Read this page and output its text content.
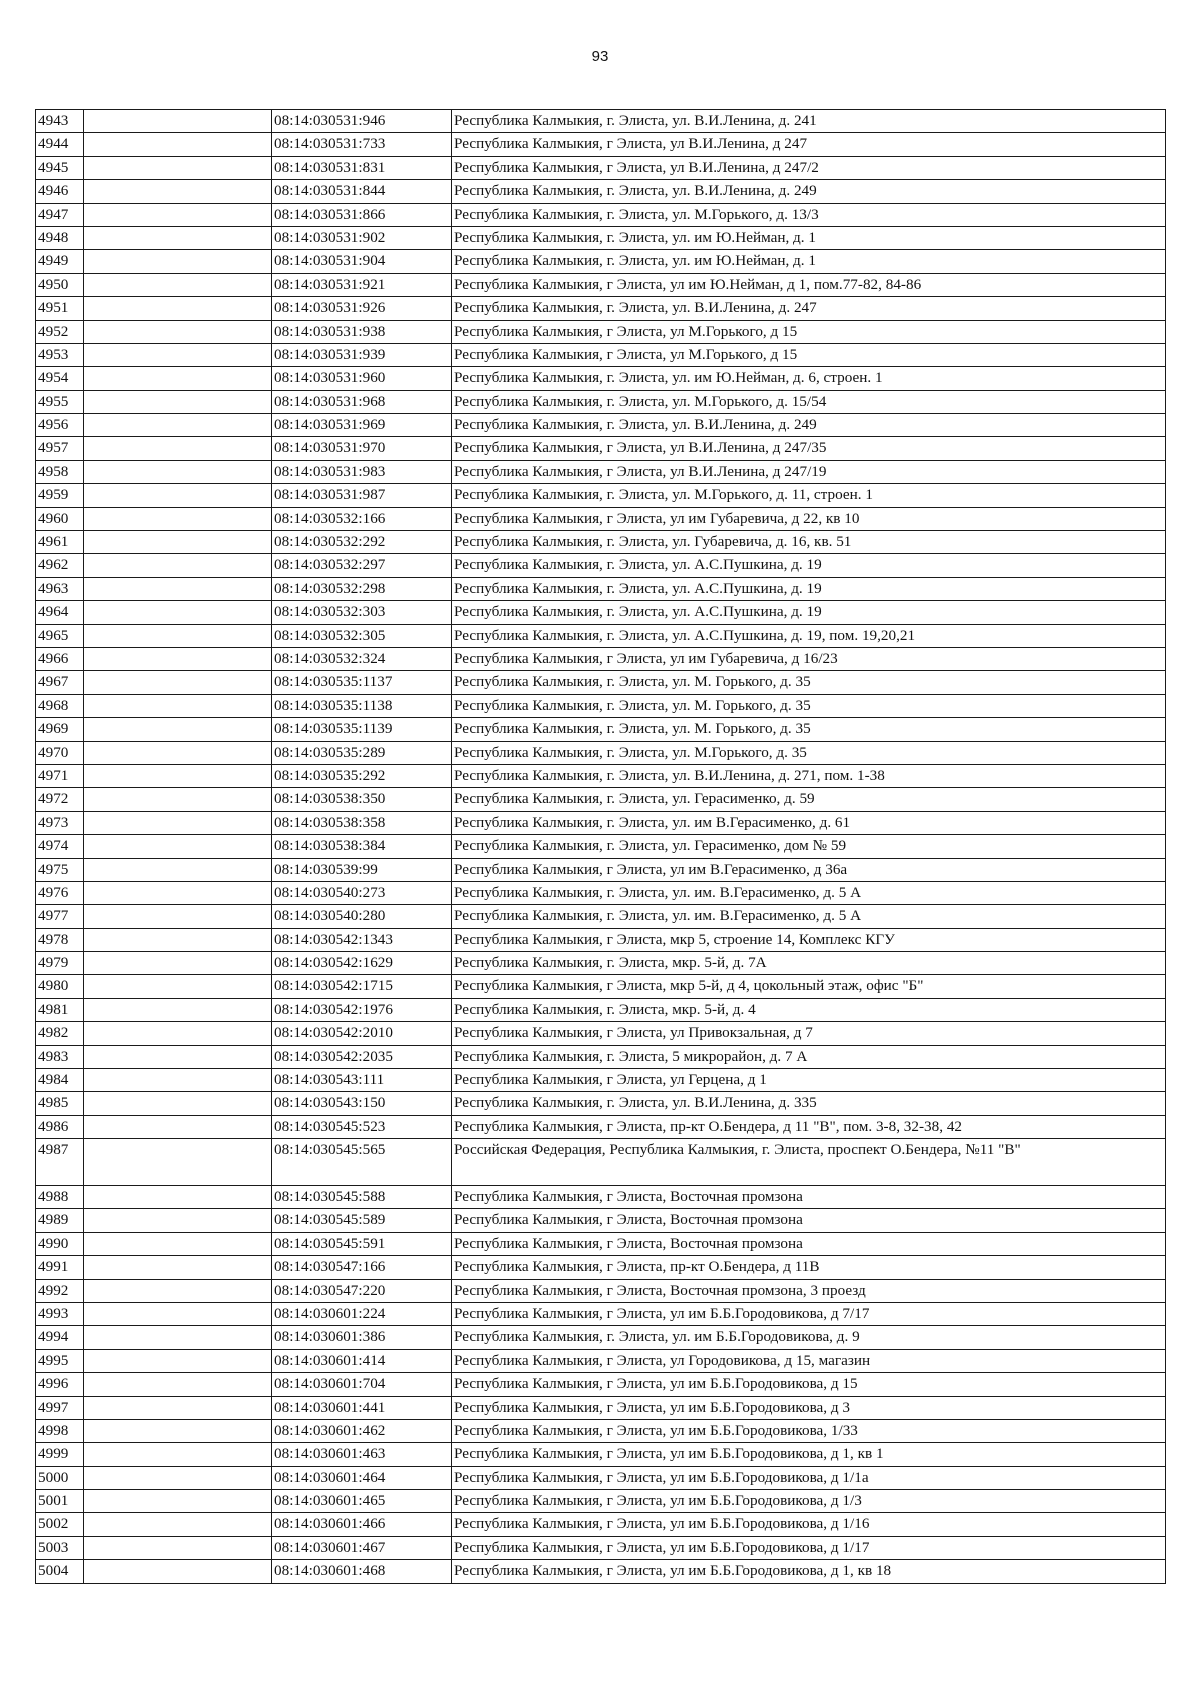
93
4943		08:14:030531:946	Республика Калмыкия, г. Элиста, ул. В.И.Ленина, д. 241
4944		08:14:030531:733	Республика Калмыкия, г Элиста, ул В.И.Ленина, д 247
4945		08:14:030531:831	Республика Калмыкия, г Элиста, ул В.И.Ленина, д 247/2
4946		08:14:030531:844	Республика Калмыкия, г. Элиста, ул. В.И.Ленина, д. 249
4947		08:14:030531:866	Республика Калмыкия, г. Элиста, ул. М.Горького, д. 13/3
4948		08:14:030531:902	Республика Калмыкия, г. Элиста, ул. им Ю.Нейман, д. 1
4949		08:14:030531:904	Республика Калмыкия, г. Элиста, ул. им Ю.Нейман, д. 1
4950		08:14:030531:921	Республика Калмыкия, г Элиста, ул им Ю.Нейман, д 1, пом.77-82, 84-86
4951		08:14:030531:926	Республика Калмыкия, г. Элиста, ул. В.И.Ленина, д. 247
4952		08:14:030531:938	Республика Калмыкия, г Элиста, ул М.Горького, д 15
4953		08:14:030531:939	Республика Калмыкия, г Элиста, ул М.Горького, д 15
4954		08:14:030531:960	Республика Калмыкия, г. Элиста, ул. им Ю.Нейман, д. 6, строен. 1
4955		08:14:030531:968	Республика Калмыкия, г. Элиста, ул. М.Горького, д. 15/54
4956		08:14:030531:969	Республика Калмыкия, г. Элиста, ул. В.И.Ленина, д. 249
4957		08:14:030531:970	Республика Калмыкия, г Элиста, ул В.И.Ленина, д 247/35
4958		08:14:030531:983	Республика Калмыкия, г Элиста, ул В.И.Ленина, д 247/19
4959		08:14:030531:987	Республика Калмыкия, г. Элиста, ул. М.Горького, д. 11, строен. 1
4960		08:14:030532:166	Республика Калмыкия, г Элиста, ул им Губаревича, д 22, кв 10
4961		08:14:030532:292	Республика Калмыкия, г. Элиста, ул. Губаревича, д. 16, кв. 51
4962		08:14:030532:297	Республика Калмыкия, г. Элиста, ул. А.С.Пушкина, д. 19
4963		08:14:030532:298	Республика Калмыкия, г. Элиста, ул. А.С.Пушкина, д. 19
4964		08:14:030532:303	Республика Калмыкия, г. Элиста, ул. А.С.Пушкина, д. 19
4965		08:14:030532:305	Республика Калмыкия, г. Элиста, ул. А.С.Пушкина, д. 19, пом. 19,20,21
4966		08:14:030532:324	Республика Калмыкия, г Элиста, ул им Губаревича, д 16/23
4967		08:14:030535:1137	Республика Калмыкия, г. Элиста, ул. М. Горького, д. 35
4968		08:14:030535:1138	Республика Калмыкия, г. Элиста, ул. М. Горького, д. 35
4969		08:14:030535:1139	Республика Калмыкия, г. Элиста, ул. М. Горького, д. 35
4970		08:14:030535:289	Республика Калмыкия, г. Элиста, ул. М.Горького, д. 35
4971		08:14:030535:292	Республика Калмыкия, г. Элиста, ул. В.И.Ленина, д. 271, пом. 1-38
4972		08:14:030538:350	Республика Калмыкия, г. Элиста, ул. Герасименко, д. 59
4973		08:14:030538:358	Республика Калмыкия, г. Элиста, ул. им В.Герасименко, д. 61
4974		08:14:030538:384	Республика Калмыкия, г. Элиста, ул. Герасименко, дом № 59
4975		08:14:030539:99	Республика Калмыкия, г Элиста, ул им В.Герасименко, д 36а
4976		08:14:030540:273	Республика Калмыкия, г. Элиста, ул. им. В.Герасименко, д. 5 А
4977		08:14:030540:280	Республика Калмыкия, г. Элиста, ул. им. В.Герасименко, д. 5 А
4978		08:14:030542:1343	Республика Калмыкия, г Элиста, мкр 5, строение 14, Комплекс КГУ
4979		08:14:030542:1629	Республика Калмыкия, г. Элиста, мкр. 5-й, д. 7А
4980		08:14:030542:1715	Республика Калмыкия, г Элиста, мкр 5-й, д 4, цокольный этаж, офис "Б"
4981		08:14:030542:1976	Республика Калмыкия, г. Элиста, мкр. 5-й, д. 4
4982		08:14:030542:2010	Республика Калмыкия, г Элиста, ул Привокзальная, д 7
4983		08:14:030542:2035	Республика Калмыкия, г. Элиста, 5 микрорайон, д. 7 А
4984		08:14:030543:111	Республика Калмыкия, г Элиста, ул Герцена, д 1
4985		08:14:030543:150	Республика Калмыкия, г. Элиста, ул. В.И.Ленина, д. 335
4986		08:14:030545:523	Республика Калмыкия, г Элиста, пр-кт О.Бендера, д 11 "В", пом. 3-8, 32-38, 42
4987		08:14:030545:565	Российская Федерация, Республика Калмыкия, г. Элиста, проспект О.Бендера, №11 "В"
4988		08:14:030545:588	Республика Калмыкия, г Элиста, Восточная промзона
4989		08:14:030545:589	Республика Калмыкия, г Элиста, Восточная промзона
4990		08:14:030545:591	Республика Калмыкия, г Элиста, Восточная промзона
4991		08:14:030547:166	Республика Калмыкия, г Элиста, пр-кт О.Бендера, д 11В
4992		08:14:030547:220	Республика Калмыкия, г Элиста, Восточная промзона, 3 проезд
4993		08:14:030601:224	Республика Калмыкия, г Элиста, ул им Б.Б.Городовикова, д 7/17
4994		08:14:030601:386	Республика Калмыкия, г. Элиста, ул. им Б.Б.Городовикова, д. 9
4995		08:14:030601:414	Республика Калмыкия, г Элиста, ул Городовикова, д 15, магазин
4996		08:14:030601:704	Республика Калмыкия, г Элиста, ул им Б.Б.Городовикова, д 15
4997		08:14:030601:441	Республика Калмыкия, г Элиста, ул им Б.Б.Городовикова, д 3
4998		08:14:030601:462	Республика Калмыкия, г Элиста, ул им Б.Б.Городовикова, 1/33
4999		08:14:030601:463	Республика Калмыкия, г Элиста, ул им Б.Б.Городовикова, д 1, кв 1
5000		08:14:030601:464	Республика Калмыкия, г Элиста, ул им Б.Б.Городовикова, д 1/1а
5001		08:14:030601:465	Республика Калмыкия, г Элиста, ул им Б.Б.Городовикова, д 1/3
5002		08:14:030601:466	Республика Калмыкия, г Элиста, ул им Б.Б.Городовикова, д 1/16
5003		08:14:030601:467	Республика Калмыкия, г Элиста, ул им Б.Б.Городовикова, д 1/17
5004		08:14:030601:468	Республика Калмыкия, г Элиста, ул им Б.Б.Городовикова, д 1, кв 18
